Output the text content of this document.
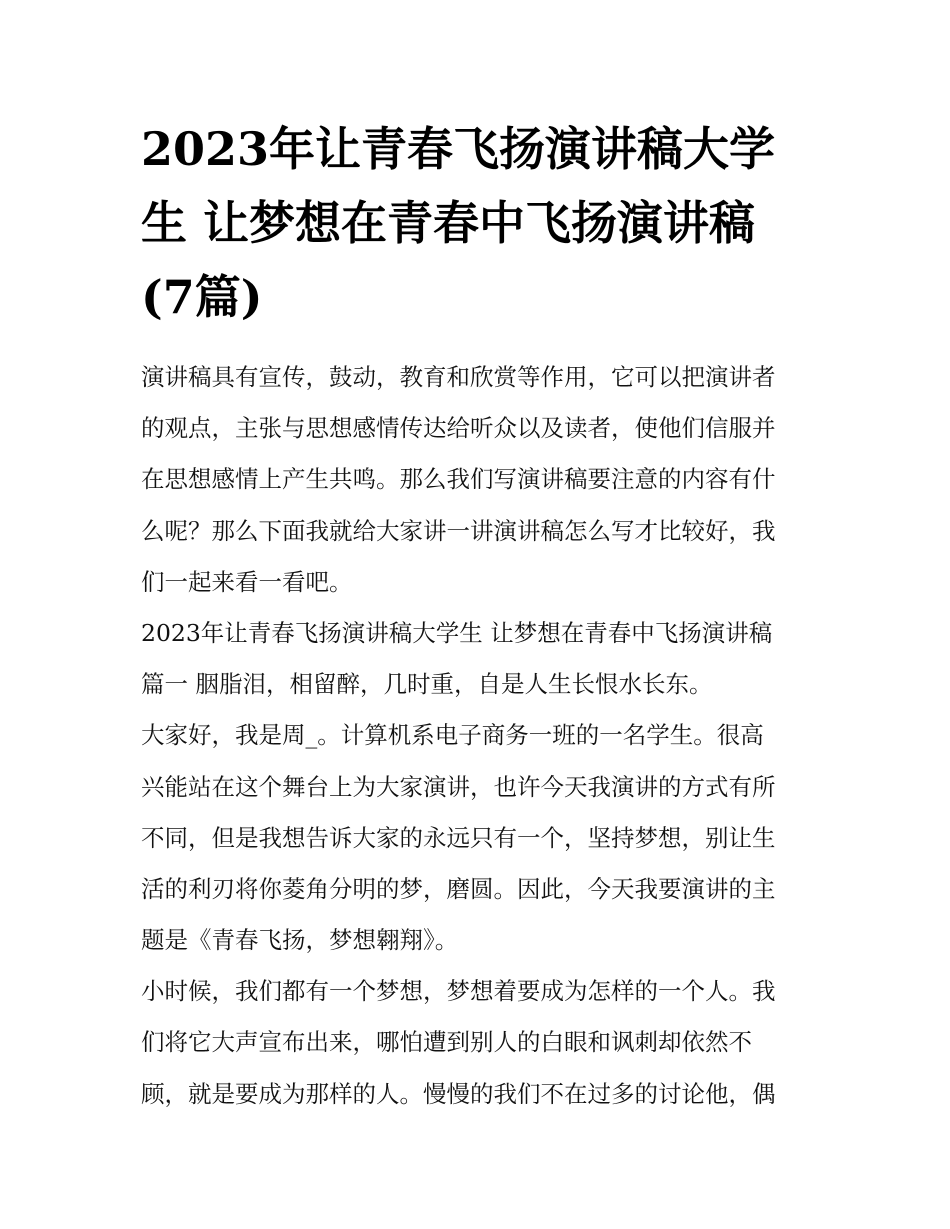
2023年让青春飞扬演讲稿大学
生 让梦想在青春中飞扬演讲稿
(7篇)
演讲稿具有宣传，鼓动，教育和欣赏等作用，它可以把演讲者
的观点，主张与思想感情传达给听众以及读者，使他们信服并
在思想感情上产生共鸣。那么我们写演讲稿要注意的内容有什
么呢？那么下面我就给大家讲一讲演讲稿怎么写才比较好，我
们一起来看一看吧。
2023年让青春飞扬演讲稿大学生 让梦想在青春中飞扬演讲稿
篇一 胭脂泪，相留醉，几时重，自是人生长恨水长东。
大家好，我是周_。计算机系电子商务一班的一名学生。很高
兴能站在这个舞台上为大家演讲，也许今天我演讲的方式有所
不同，但是我想告诉大家的永远只有一个，坚持梦想，别让生
活的利刃将你菱角分明的梦，磨圆。因此，今天我要演讲的主
题是《青春飞扬，梦想翱翔》。
小时候，我们都有一个梦想，梦想着要成为怎样的一个人。我
们将它大声宣布出来，哪怕遭到别人的白眼和讽刺却依然不
顾，就是要成为那样的人。慢慢的我们不在过多的讨论他，偶
